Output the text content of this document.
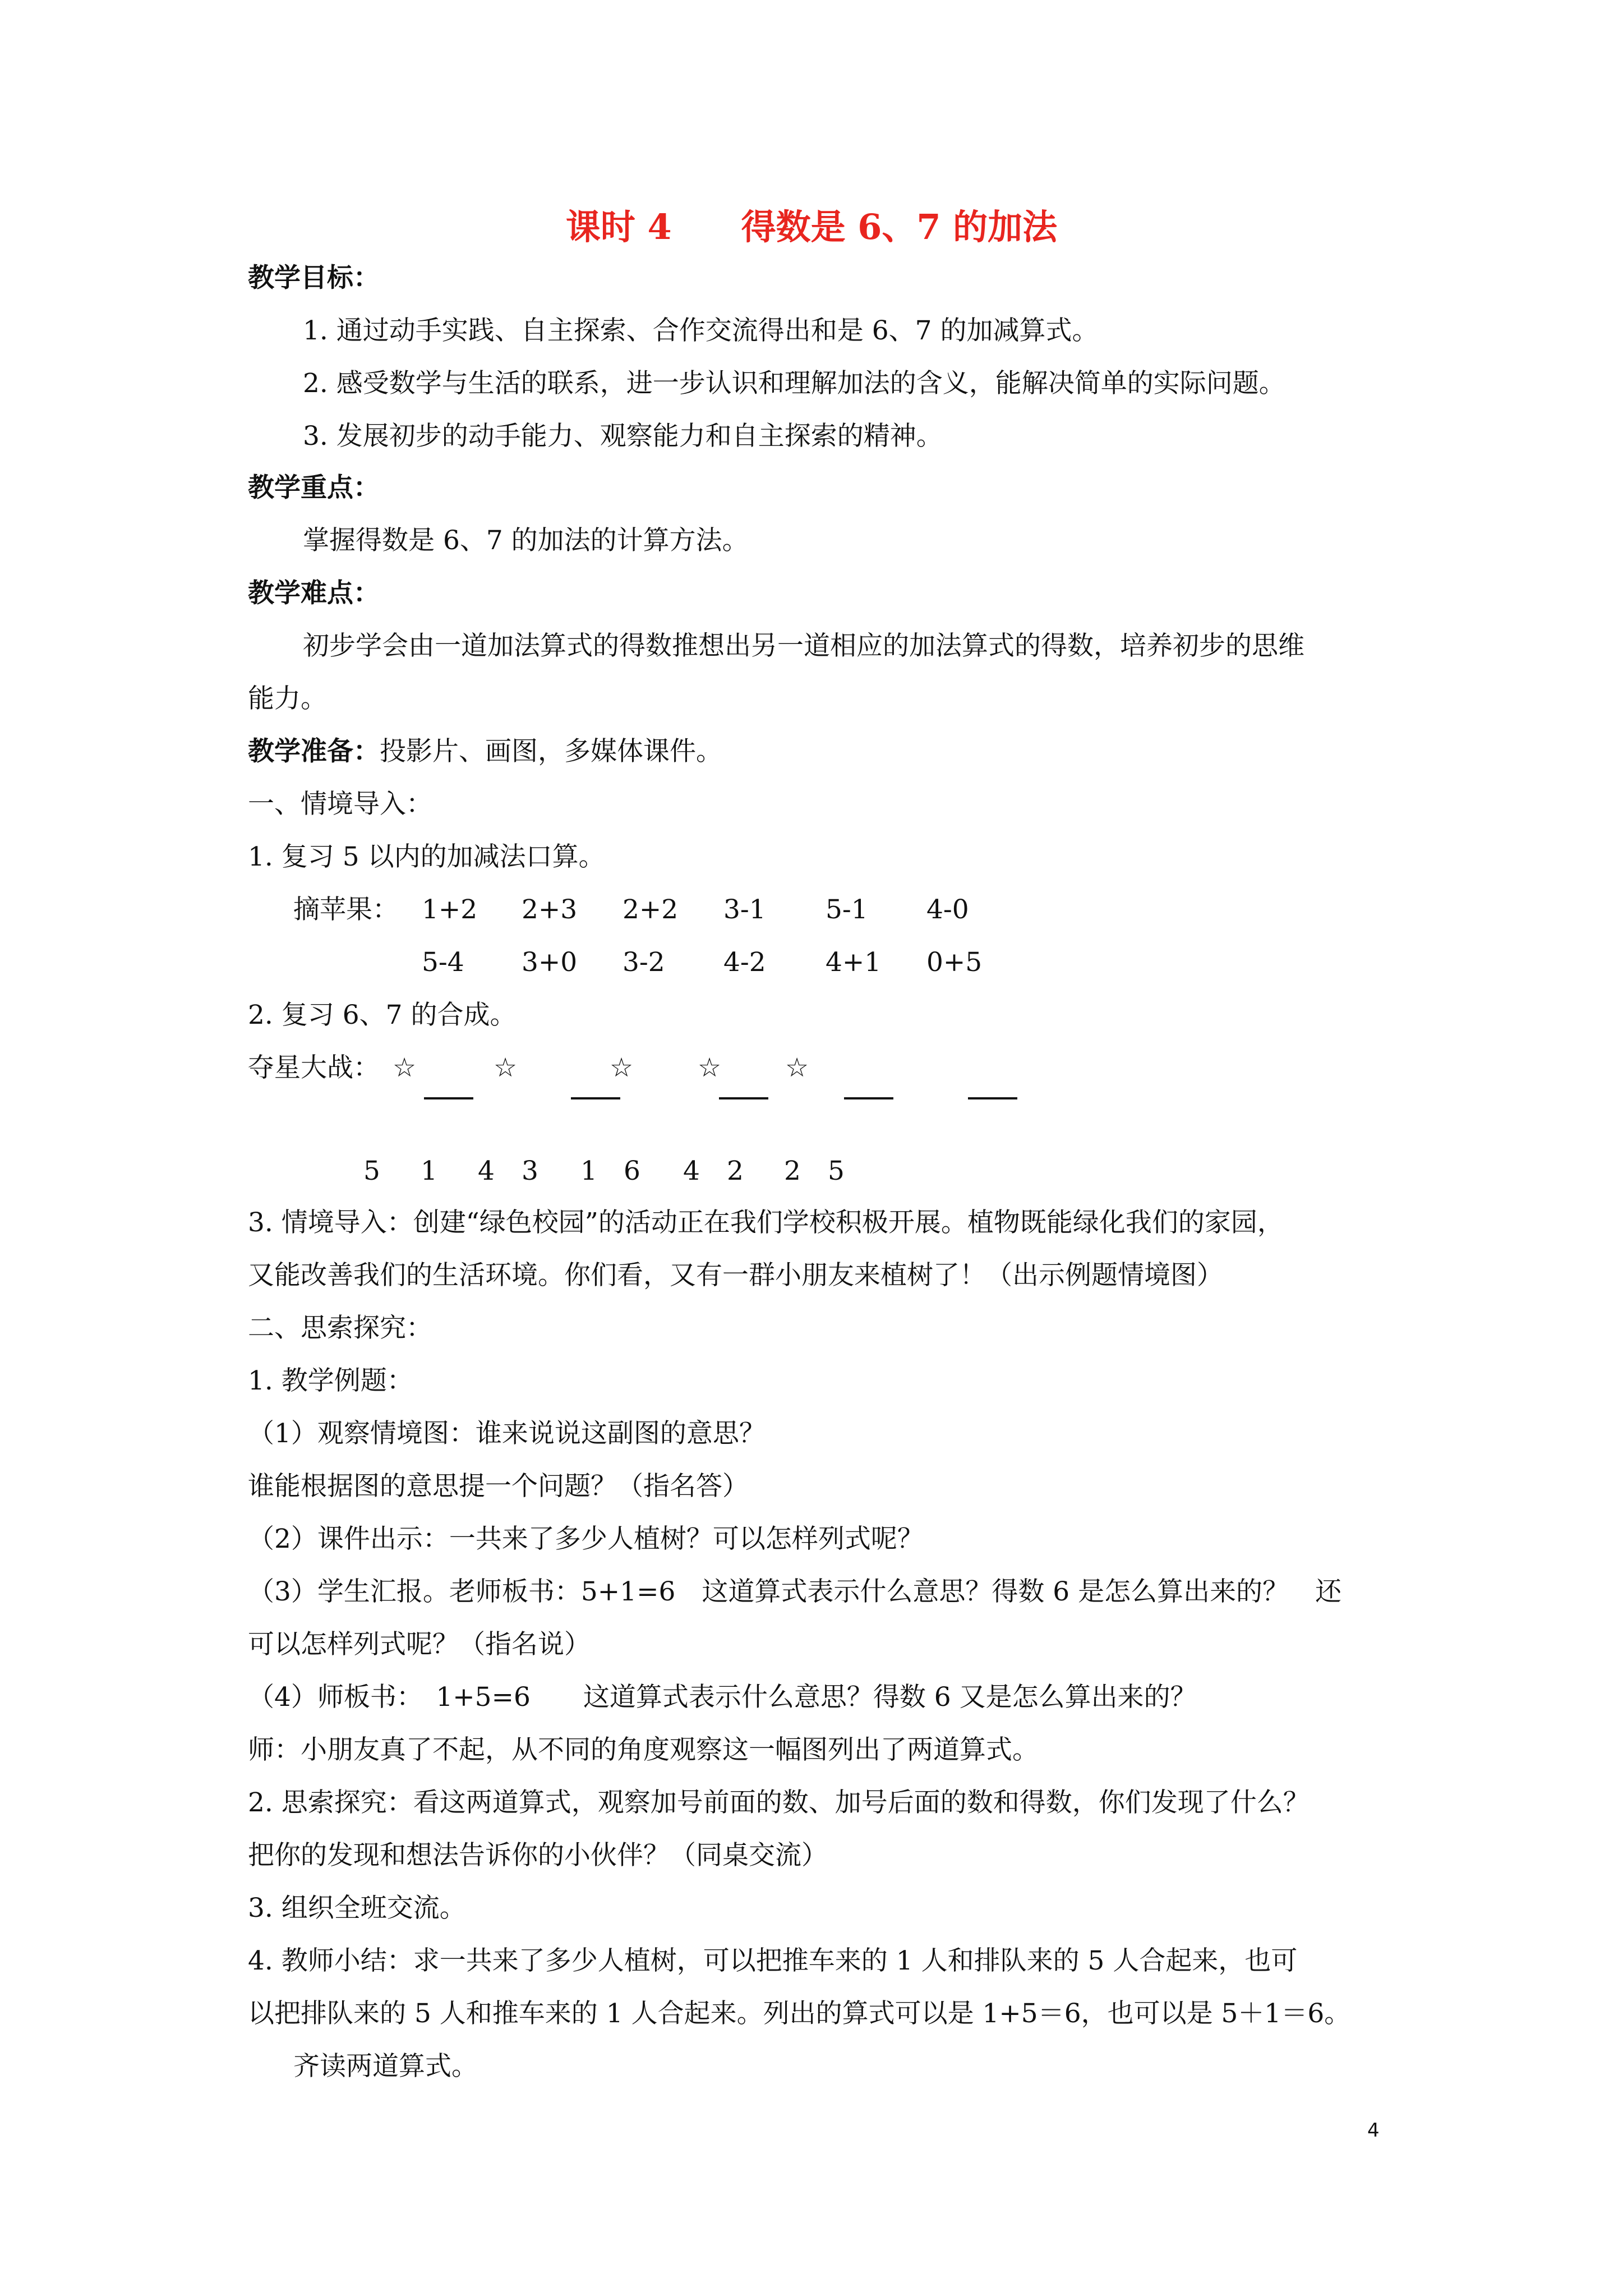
课时 4　　得数是 6、7 的加法
教学目标：
1. 通过动手实践、自主探索、合作交流得出和是 6、7 的加减算式。
2. 感受数学与生活的联系，进一步认识和理解加法的含义，能解决简单的实际问题。
3. 发展初步的动手能力、观察能力和自主探索的精神。
教学重点：
掌握得数是 6、7 的加法的计算方法。
教学难点：
初步学会由一道加法算式的得数推想出另一道相应的加法算式的得数，培养初步的思维
能力。
教学准备：投影片、画图，多媒体课件。
一、情境导入：
1. 复习 5 以内的加减法口算。
摘苹果： 1+2 2+3 2+2 3-1 5-1 4-0
5-4 3+0 3-2 4-2 4+1 0+5
2. 复习 6、7 的合成。
夺星大战： ☆	☆	☆ ☆ ☆
5 1 4 3 1 6 4 2 2 5
3. 情境导入：创建“绿色校园”的活动正在我们学校积极开展。植物既能绿化我们的家园，
又能改善我们的生活环境。你们看，又有一群小朋友来植树了！（出示例题情境图）
二、思索探究：
1. 教学例题：
（1）观察情境图：谁来说说这副图的意思？
谁能根据图的意思提一个问题？（指名答）
（2）课件出示：一共来了多少人植树？可以怎样列式呢？
（3）学生汇报。老师板书：5+1=6　这道算式表示什么意思？得数 6 是怎么算出来的？　还
可以怎样列式呢？（指名说）
（4）师板书：　1+5=6　　这道算式表示什么意思？得数 6 又是怎么算出来的？
师：小朋友真了不起，从不同的角度观察这一幅图列出了两道算式。
2. 思索探究：看这两道算式，观察加号前面的数、加号后面的数和得数，你们发现了什么？
把你的发现和想法告诉你的小伙伴？（同桌交流）
3. 组织全班交流。
4. 教师小结：求一共来了多少人植树，可以把推车来的 1 人和排队来的 5 人合起来，也可
以把排队来的 5 人和推车来的 1 人合起来。列出的算式可以是 1+5＝6，也可以是 5＋1＝6。
齐读两道算式。
4
